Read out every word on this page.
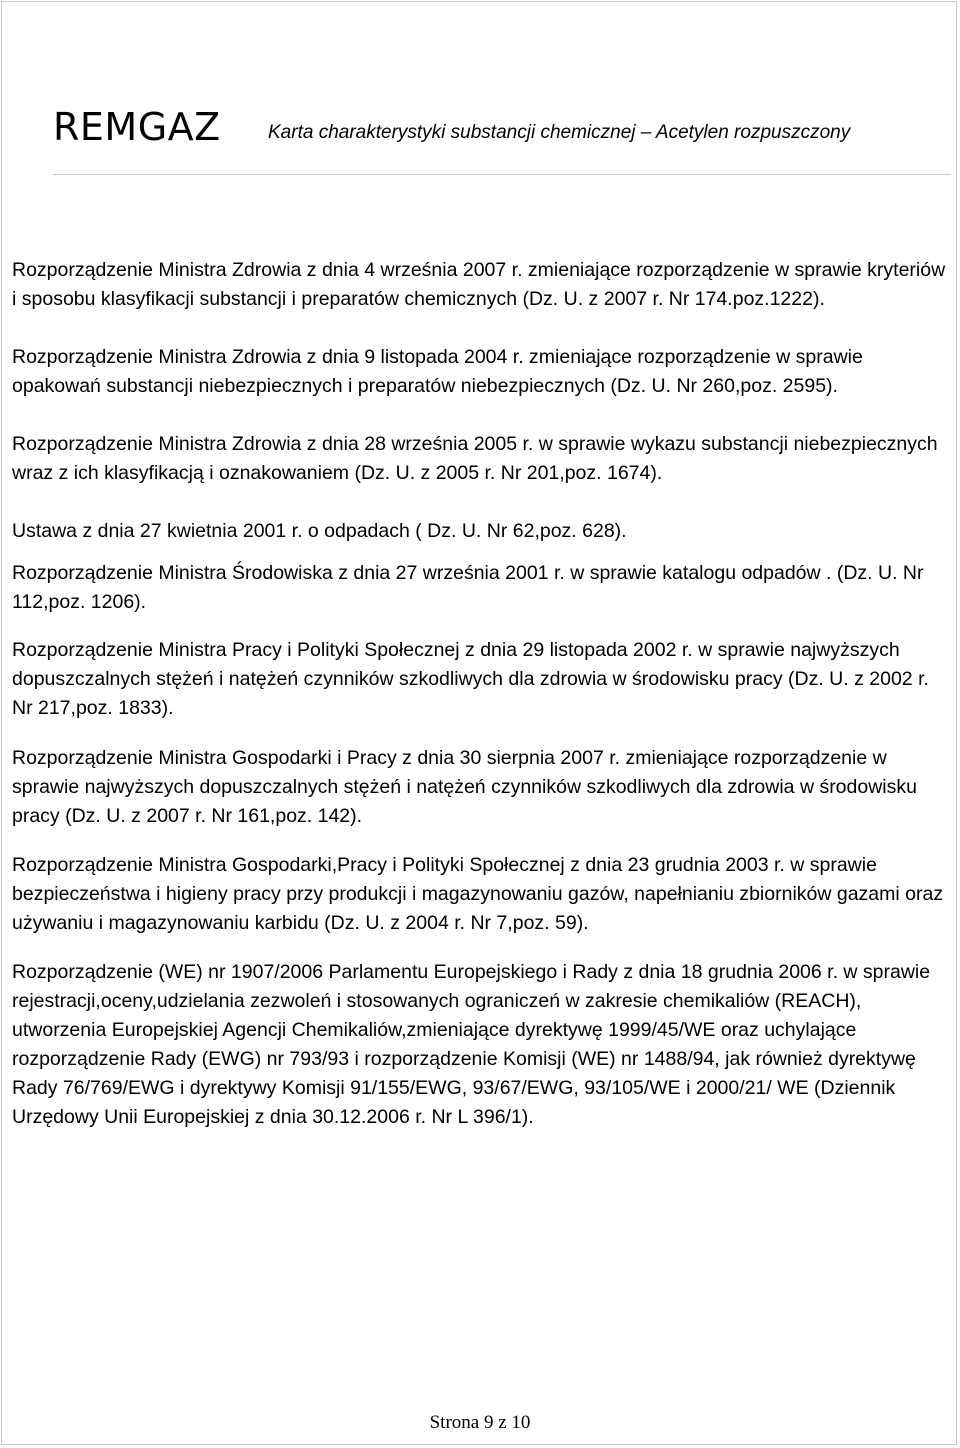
REMGAZ Karta charakterystyki substancji chemicznej – Acetylen rozpuszczony

Rozporządzenie Ministra Zdrowia z dnia 4 września 2007 r. zmieniające rozporządzenie w sprawie kryteriów i sposobu klasyfikacji substancji i preparatów chemicznych (Dz. U. z 2007 r. Nr 174.poz.1222).

Rozporządzenie Ministra Zdrowia z dnia 9 listopada 2004 r. zmieniające rozporządzenie w sprawie opakowań substancji niebezpiecznych i preparatów niebezpiecznych (Dz. U. Nr 260,poz. 2595).

Rozporządzenie Ministra Zdrowia z dnia 28 września 2005 r. w sprawie wykazu substancji niebezpiecznych wraz z ich klasyfikacją i oznakowaniem (Dz. U. z 2005 r. Nr 201,poz. 1674).

Ustawa z dnia 27 kwietnia 2001 r. o odpadach ( Dz. U. Nr 62,poz. 628).

Rozporządzenie Ministra Środowiska z dnia 27 września 2001 r. w sprawie katalogu odpadów . (Dz. U. Nr 112,poz. 1206).

Rozporządzenie Ministra Pracy i Polityki Społecznej z dnia 29 listopada 2002 r. w sprawie najwyższych dopuszczalnych stężeń i natężeń czynników szkodliwych dla zdrowia w środowisku pracy (Dz. U. z 2002 r. Nr 217,poz. 1833).

Rozporządzenie Ministra Gospodarki i Pracy z dnia 30 sierpnia 2007 r. zmieniające rozporządzenie w sprawie najwyższych dopuszczalnych stężeń i natężeń czynników szkodliwych dla zdrowia w środowisku pracy (Dz. U. z 2007 r. Nr 161,poz. 142).

Rozporządzenie Ministra Gospodarki,Pracy i Polityki Społecznej z dnia 23 grudnia 2003 r. w sprawie bezpieczeństwa i higieny pracy przy produkcji i magazynowaniu gazów, napełnianiu zbiorników gazami oraz używaniu i magazynowaniu karbidu (Dz. U. z 2004 r. Nr 7,poz. 59).

Rozporządzenie (WE) nr 1907/2006 Parlamentu Europejskiego i Rady z dnia 18 grudnia 2006 r. w sprawie rejestracji,oceny,udzielania zezwoleń i stosowanych ograniczeń w zakresie chemikaliów (REACH), utworzenia Europejskiej Agencji Chemikaliów,zmieniające dyrektywę 1999/45/WE oraz uchylające rozporządzenie Rady (EWG) nr 793/93 i rozporządzenie Komisji (WE) nr 1488/94, jak również dyrektywę Rady 76/769/EWG i dyrektywy Komisji 91/155/EWG, 93/67/EWG, 93/105/WE i 2000/21/ WE (Dziennik Urzędowy Unii Europejskiej z dnia 30.12.2006 r. Nr L 396/1).

Strona 9 z 10
